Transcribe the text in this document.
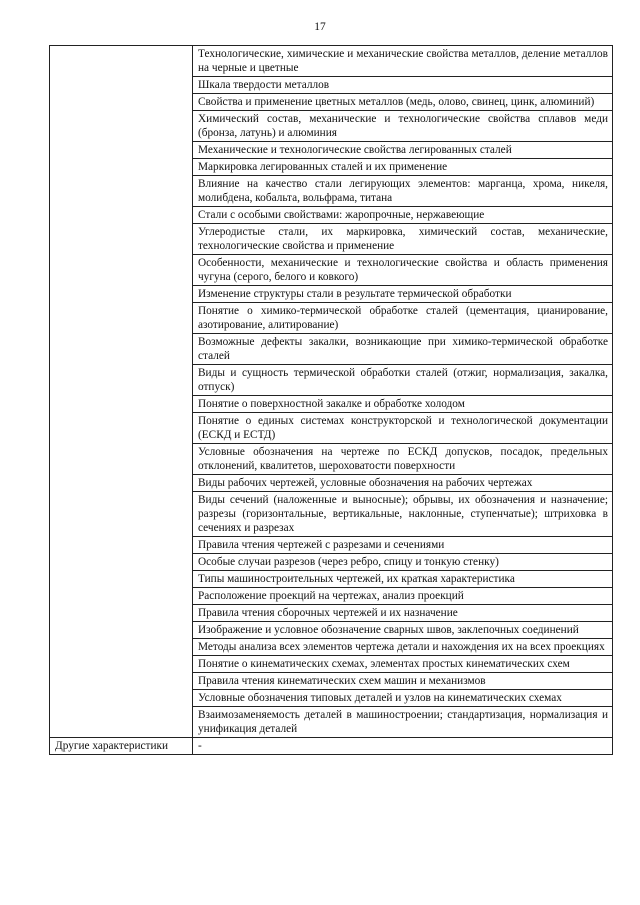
17
	Технологические, химические и механические свойства металлов, деление металлов на черные и цветные
	Шкала твердости металлов
	Свойства и применение цветных металлов (медь, олово, свинец, цинк, алюминий)
	Химический состав, механические и технологические свойства сплавов меди (бронза, латунь) и алюминия
	Механические и технологические свойства легированных сталей
	Маркировка легированных сталей и их применение
	Влияние на качество стали легирующих элементов: марганца, хрома, никеля, молибдена, кобальта, вольфрама, титана
	Стали с особыми свойствами: жаропрочные, нержавеющие
	Углеродистые стали, их маркировка, химический состав, механические, технологические свойства и применение
	Особенности, механические и технологические свойства и область применения чугуна (серого, белого и ковкого)
	Изменение структуры стали в результате термической обработки
	Понятие о химико-термической обработке сталей (цементация, цианирование, азотирование, алитирование)
	Возможные дефекты закалки, возникающие при химико-термической обработке сталей
	Виды и сущность термической обработки сталей (отжиг, нормализация, закалка, отпуск)
	Понятие о поверхностной закалке и обработке холодом
	Понятие о единых системах конструкторской и технологической документации (ЕСКД и ЕСТД)
	Условные обозначения на чертеже по ЕСКД допусков, посадок, предельных отклонений, квалитетов, шероховатости поверхности
	Виды рабочих чертежей, условные обозначения на рабочих чертежах
	Виды сечений (наложенные и выносные); обрывы, их обозначения и назначение; разрезы (горизонтальные, вертикальные, наклонные, ступенчатые); штриховка в сечениях и разрезах
	Правила чтения чертежей с разрезами и сечениями
	Особые случаи разрезов (через ребро, спицу и тонкую стенку)
	Типы машиностроительных чертежей, их краткая характеристика
	Расположение проекций на чертежах, анализ проекций
	Правила чтения сборочных чертежей и их назначение
	Изображение и условное обозначение сварных швов, заклепочных соединений
	Методы анализа всех элементов чертежа детали и нахождения их на всех проекциях
	Понятие о кинематических схемах, элементах простых кинематических схем
	Правила чтения кинематических схем машин и механизмов
	Условные обозначения типовых деталей и узлов на кинематических схемах
	Взаимозаменяемость деталей в машиностроении; стандартизация, нормализация и унификация деталей
Другие характеристики	-
